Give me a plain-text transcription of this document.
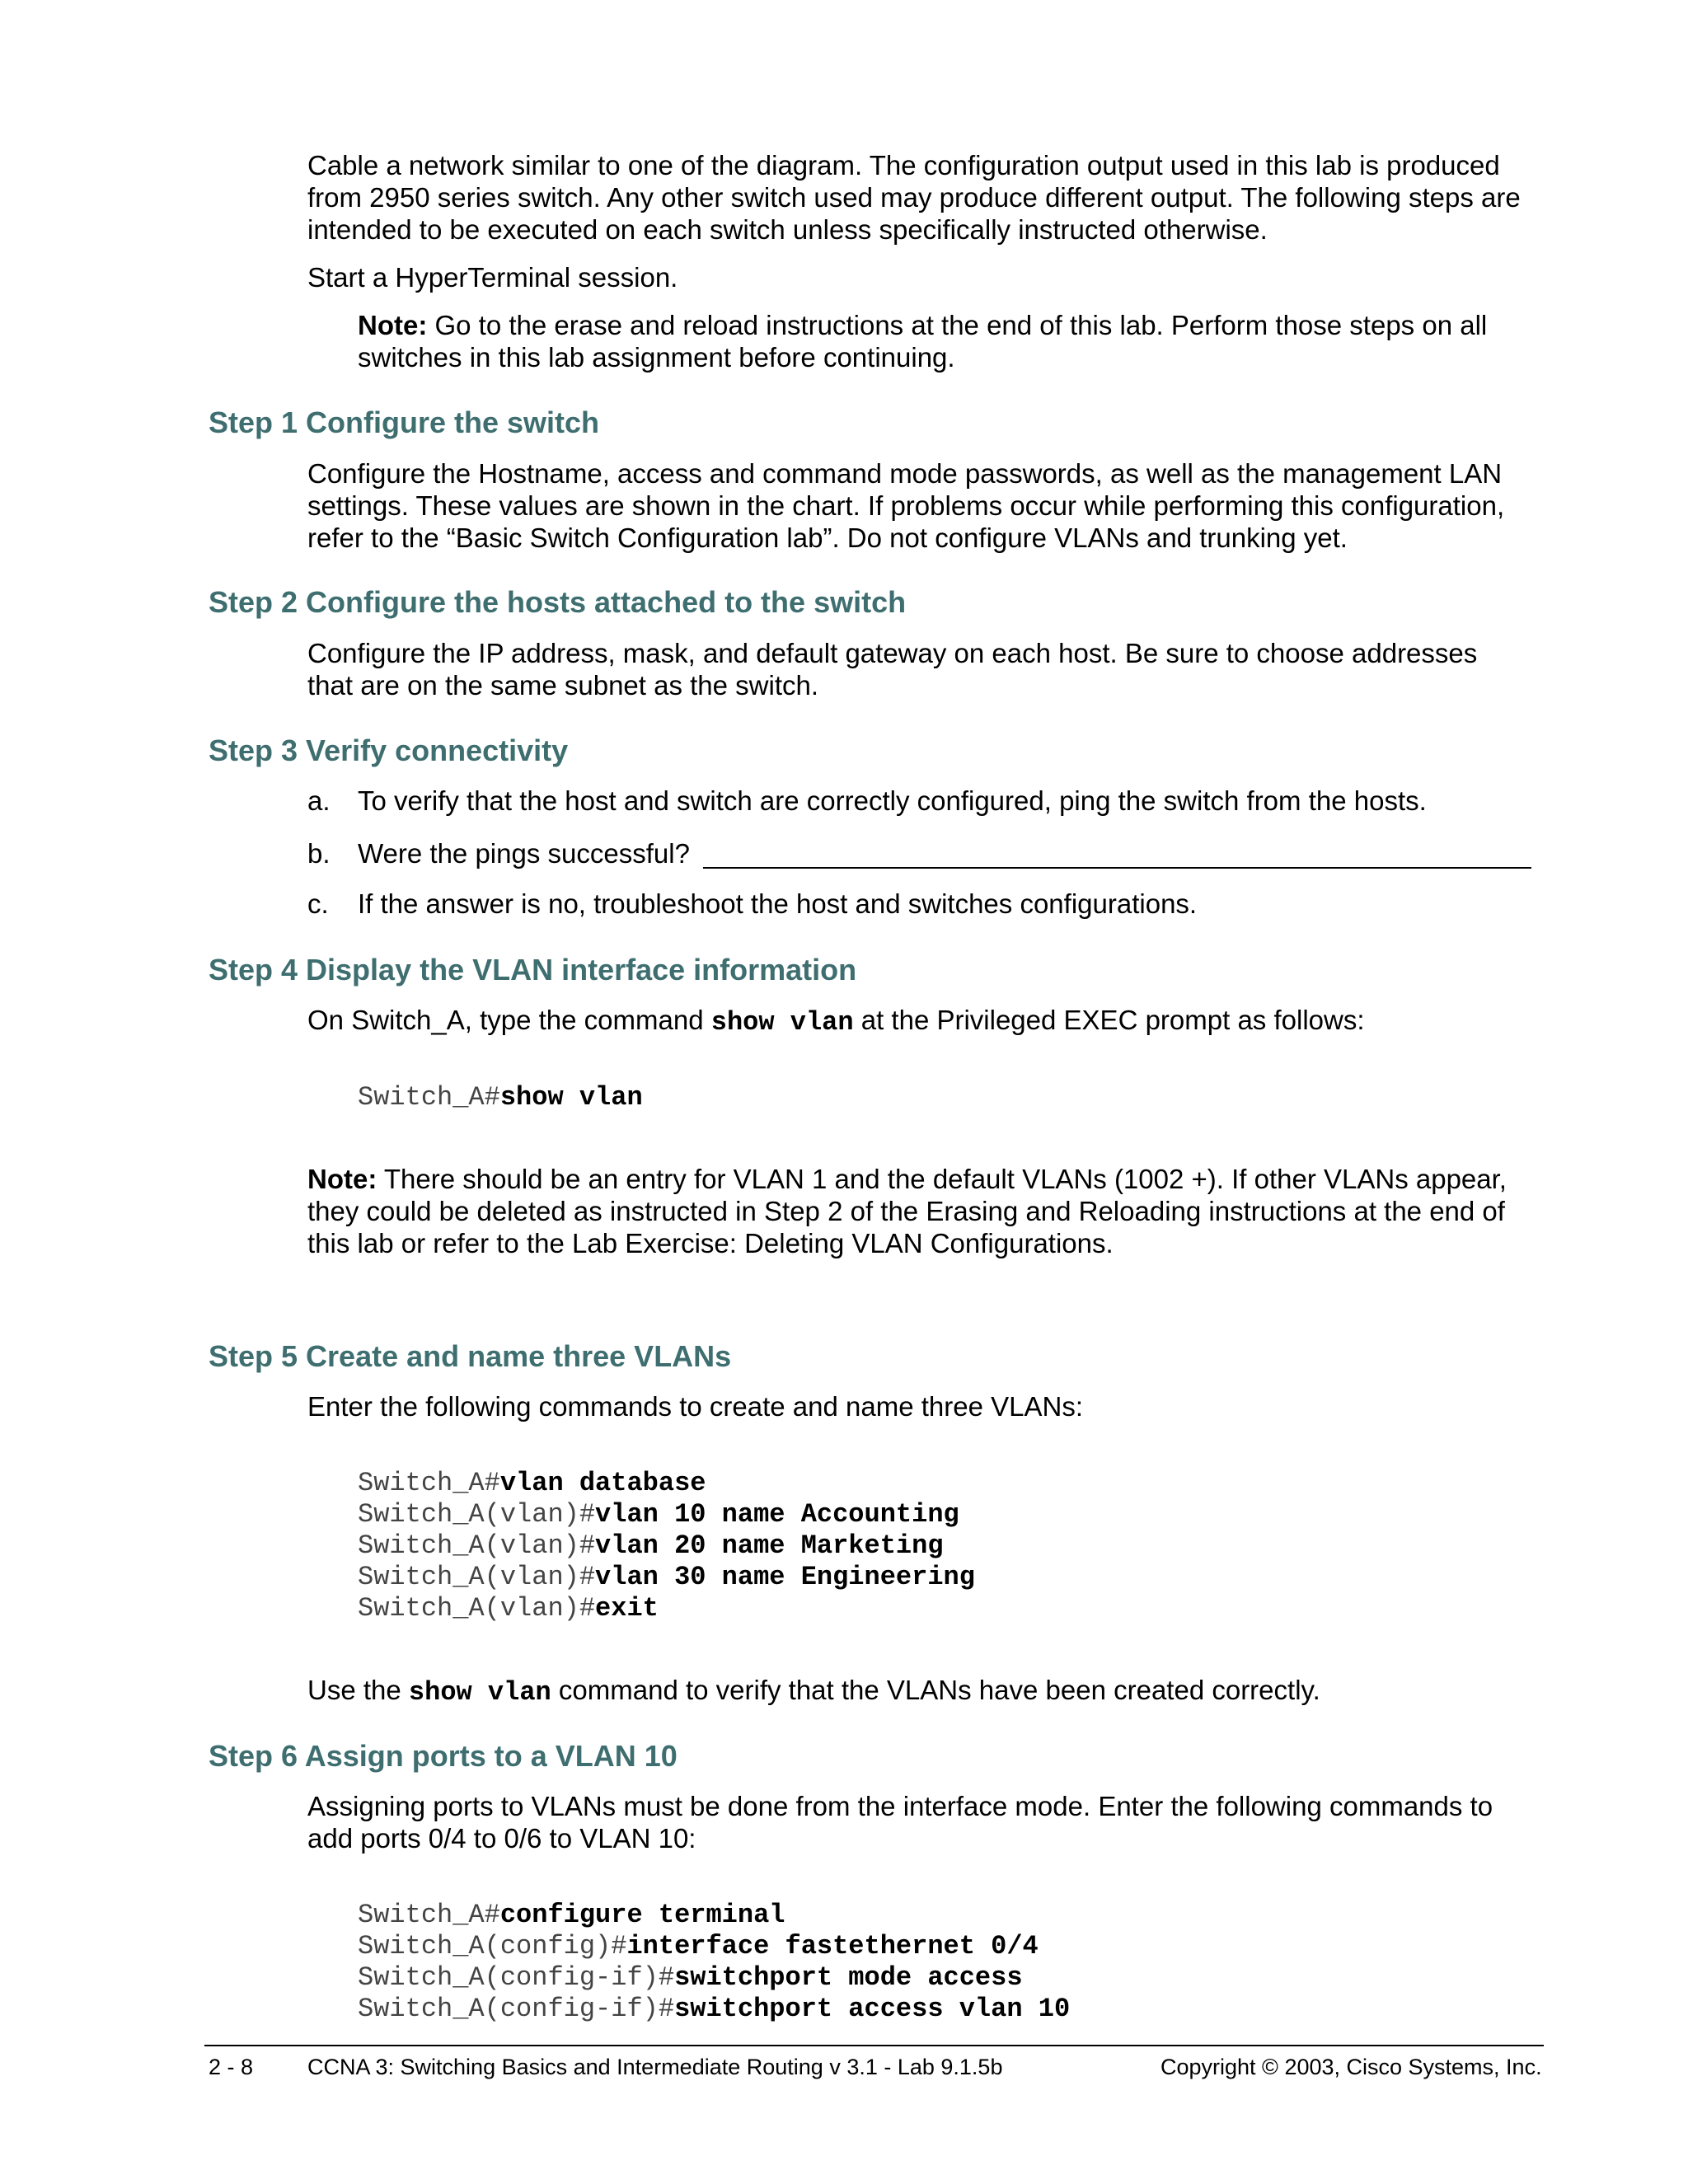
Cable a network similar to one of the diagram. The configuration output used in this lab is produced from 2950 series switch. Any other switch used may produce different output. The following steps are intended to be executed on each switch unless specifically instructed otherwise.

Start a HyperTerminal session.

Note: Go to the erase and reload instructions at the end of this lab. Perform those steps on all switches in this lab assignment before continuing.

Step 1 Configure the switch

Configure the Hostname, access and command mode passwords, as well as the management LAN settings. These values are shown in the chart. If problems occur while performing this configuration, refer to the “Basic Switch Configuration lab”. Do not configure VLANs and trunking yet.

Step 2 Configure the hosts attached to the switch

Configure the IP address, mask, and default gateway on each host. Be sure to choose addresses that are on the same subnet as the switch.

Step 3 Verify connectivity
a.	To verify that the host and switch are correctly configured, ping the switch from the hosts.
b.	Were the pings successful?
c.	If the answer is no, troubleshoot the host and switches configurations.
Step 4 Display the VLAN interface information

On Switch_A, type the command show vlan at the Privileged EXEC prompt as follows:

Switch_A#show vlan

Note: There should be an entry for VLAN 1 and the default VLANs (1002 +). If other VLANs appear, they could be deleted as instructed in Step 2 of the Erasing and Reloading instructions at the end of this lab or refer to the Lab Exercise: Deleting VLAN Configurations.

Step 5 Create and name three VLANs

Enter the following commands to create and name three VLANs:

Switch_A#vlan database
Switch_A(vlan)#vlan 10 name Accounting
Switch_A(vlan)#vlan 20 name Marketing
Switch_A(vlan)#vlan 30 name Engineering
Switch_A(vlan)#exit

Use the show vlan command to verify that the VLANs have been created correctly.

Step 6 Assign ports to a VLAN 10

Assigning ports to VLANs must be done from the interface mode. Enter the following commands to add ports 0/4 to 0/6 to VLAN 10:

Switch_A#configure terminal
Switch_A(config)#interface fastethernet 0/4
Switch_A(config-if)#switchport mode access
Switch_A(config-if)#switchport access vlan 10
2 - 8 CCNA 3: Switching Basics and Intermediate Routing v 3.1 - Lab 9.1.5b	Copyright © 2003, Cisco Systems, Inc.
